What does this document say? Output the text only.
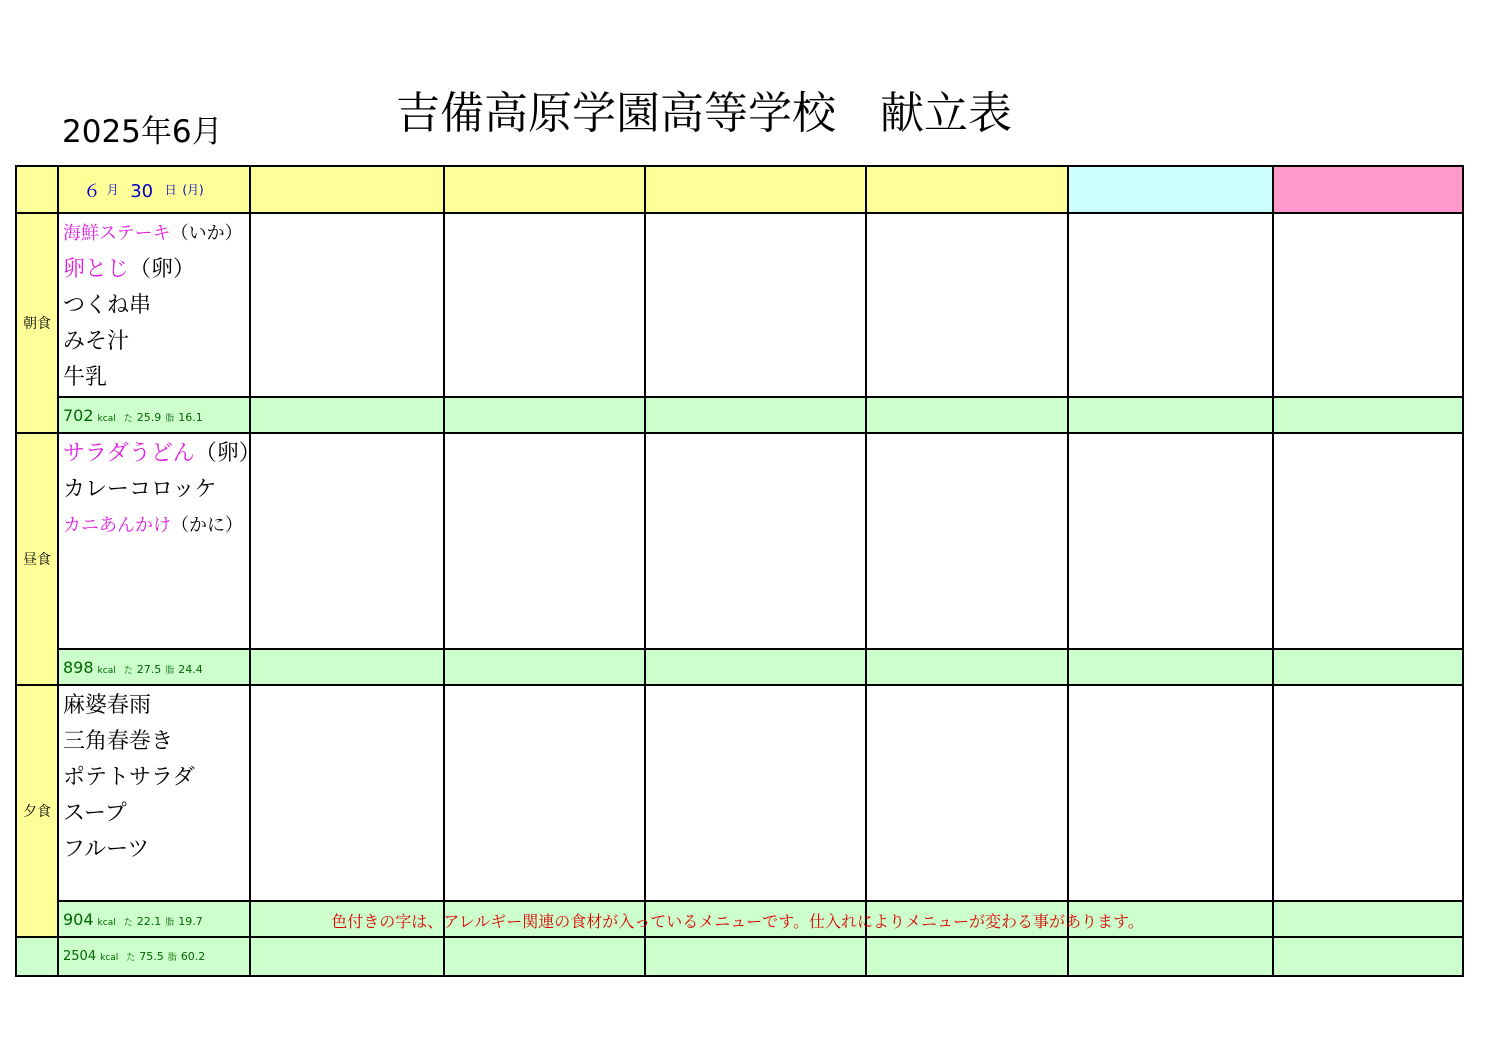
2025年6月	吉備高原学園高等学校　献立表
	６ 月 30 日 (月)						
朝食	海鮮ステーキ（いか）
卵とじ（卵）
つくね串
みそ汁
牛乳						

	702 kcal た 25.9 脂 16.1						
昼食	サラダうどん（卵）
カレーコロッケ
カニあんかけ（かに）						

	898 kcal た 27.5 脂 24.4						
夕食	麻婆春雨
三角春巻き
ポテトサラダ
スープ
フルーツ						

	904 kcal た 22.1 脂 19.7						
	2504 kcal た 75.5 脂 60.2						
色付きの字は、アレルギー関連の食材が入っているメニューです。仕入れによりメニューが変わる事があります。
